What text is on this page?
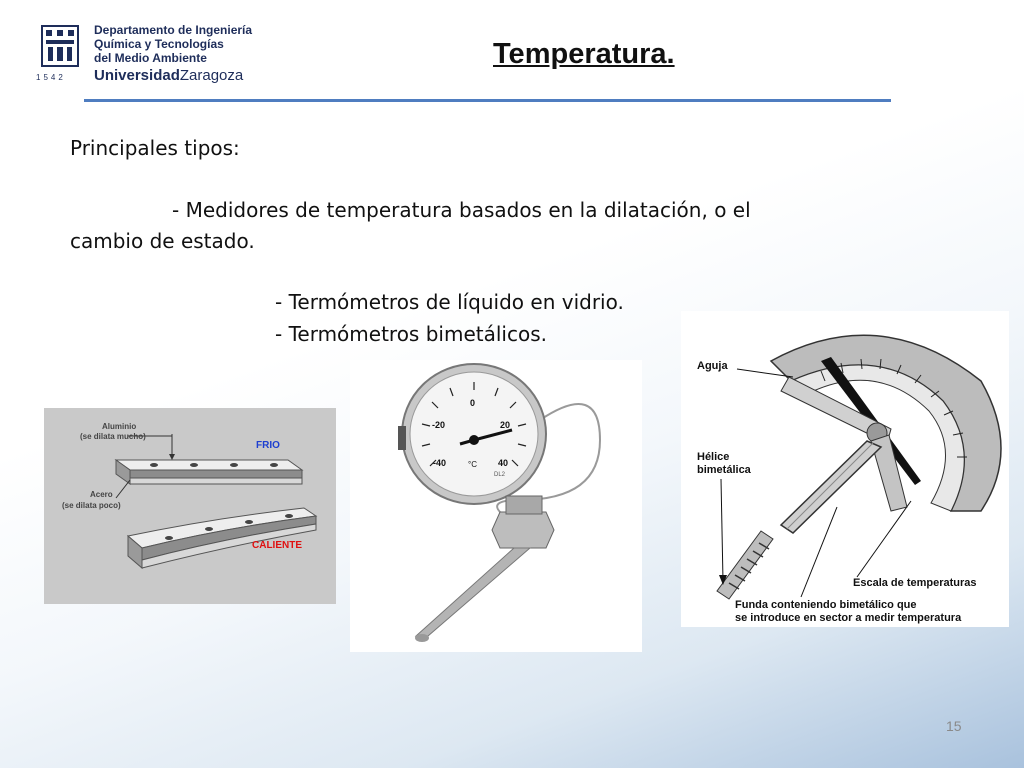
Departamento de Ingeniería
Química y Tecnologías
del Medio Ambiente
UniversidadZaragoza
1542
Temperatura.
Principales tipos:
- Medidores de temperatura basados en la dilatación, o el
cambio de estado.
- Termómetros de líquido en vidrio.
- Termómetros bimetálicos.
Aluminio
(se dilata mucho)
Acero
(se dilata poco)
FRIO
CALIENTE
-40
-20
0
20
40
°C
DL2
Aguja
Hélice
bimetálica
Escala de temperaturas
Funda conteniendo bimetálico que
se introduce en sector a medir temperatura
15
